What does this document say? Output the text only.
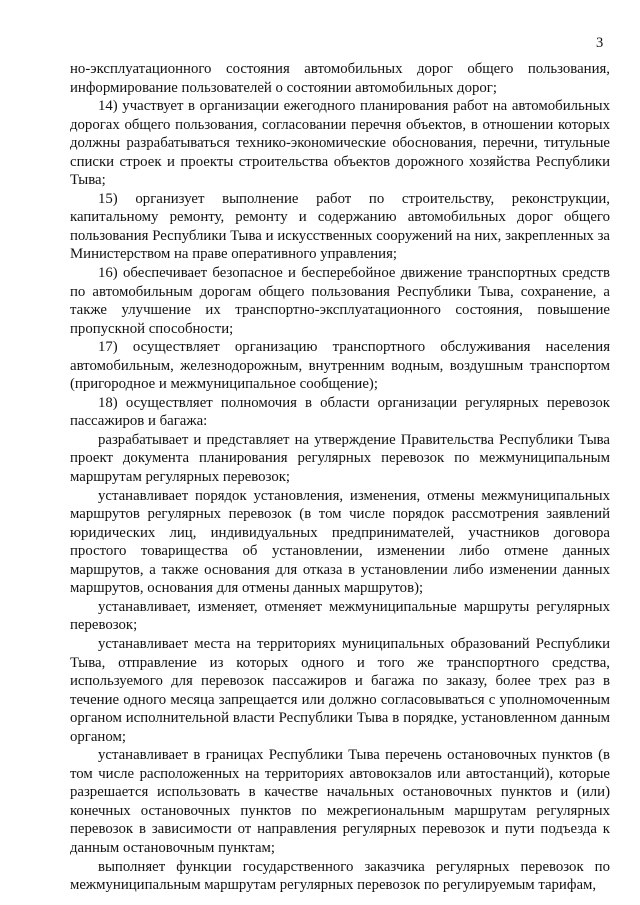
3

но-эксплуатационного состояния автомобильных дорог общего пользования, информирование пользователей о состоянии автомобильных дорог;

14) участвует в организации ежегодного планирования работ на автомобильных дорогах общего пользования, согласовании перечня объектов, в отношении которых должны разрабатываться технико-экономические обоснования, перечни, титульные списки строек и проекты строительства объектов дорожного хозяйства Республики Тыва;

15) организует выполнение работ по строительству, реконструкции, капитальному ремонту, ремонту и содержанию автомобильных дорог общего пользования Республики Тыва и искусственных сооружений на них, закрепленных за Министерством на праве оперативного управления;

16) обеспечивает безопасное и бесперебойное движение транспортных средств по автомобильным дорогам общего пользования Республики Тыва, сохранение, а также улучшение их транспортно-эксплуатационного состояния, повышение пропускной способности;

17) осуществляет организацию транспортного обслуживания населения автомобильным, железнодорожным, внутренним водным, воздушным транспортом (пригородное и межмуниципальное сообщение);

18) осуществляет полномочия в области организации регулярных перевозок пассажиров и багажа:

разрабатывает и представляет на утверждение Правительства Республики Тыва проект документа планирования регулярных перевозок по межмуниципальным маршрутам регулярных перевозок;

устанавливает порядок установления, изменения, отмены межмуниципальных маршрутов регулярных перевозок (в том числе порядок рассмотрения заявлений юридических лиц, индивидуальных предпринимателей, участников договора простого товарищества об установлении, изменении либо отмене данных маршрутов, а также основания для отказа в установлении либо изменении данных маршрутов, основания для отмены данных маршрутов);

устанавливает, изменяет, отменяет межмуниципальные маршруты регулярных перевозок;

устанавливает места на территориях муниципальных образований Республики Тыва, отправление из которых одного и того же транспортного средства, используемого для перевозок пассажиров и багажа по заказу, более трех раз в течение одного месяца запрещается или должно согласовываться с уполномоченным органом исполнительной власти Республики Тыва в порядке, установленном данным органом;

устанавливает в границах Республики Тыва перечень остановочных пунктов (в том числе расположенных на территориях автовокзалов или автостанций), которые разрешается использовать в качестве начальных остановочных пунктов и (или) конечных остановочных пунктов по межрегиональным маршрутам регулярных перевозок в зависимости от направления регулярных перевозок и пути подъезда к данным остановочным пунктам;

выполняет функции государственного заказчика регулярных перевозок по межмуниципальным маршрутам регулярных перевозок по регулируемым тарифам,
